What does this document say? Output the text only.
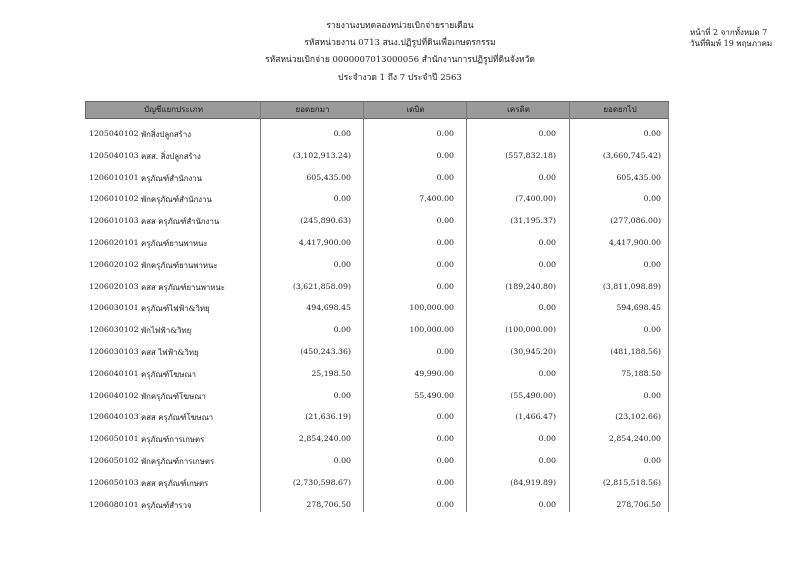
รายงานงบทดลองหน่วยเบิกจ่ายรายเดือน
รหัสหน่วยงาน 0713 สนง.ปฏิรูปที่ดินเพื่อเกษตรกรรม
รหัสหน่วยเบิกจ่าย 0000007013000056 สำนักงานการปฏิรูปที่ดินจังหวัด
ประจำงวด 1 ถึง 7 ประจำปี 2563
หน้าที่ 2 จากทั้งหมด 7
วันที่พิมพ์ 19 พฤษภาคม
บัญชีแยกประเภท	ยอดยกมา	เดบิต	เครดิต	ยอดยกไป
1205040102 พักสิ่งปลูกสร้าง	0.00	0.00	0.00	0.00
1205040103 คสส. สิ่งปลูกสร้าง	(3,102,913.24)	0.00	(557,832.18)	(3,660,745.42)
1206010101 ครุภัณฑ์สำนักงาน	605,435.00	0.00	0.00	605,435.00
1206010102 พักครุภัณฑ์สำนักงาน	0.00	7,400.00	(7,400.00)	0.00
1206010103 คสส ครุภัณฑ์สำนักงาน	(245,890.63)	0.00	(31,195.37)	(277,086.00)
1206020101 ครุภัณฑ์ยานพาหนะ	4,417,900.00	0.00	0.00	4,417,900.00
1206020102 พักครุภัณฑ์ยานพาหนะ	0.00	0.00	0.00	0.00
1206020103 คสส ครุภัณฑ์ยานพาหนะ	(3,621,858.09)	0.00	(189,240.80)	(3,811,098.89)
1206030101 ครุภัณฑ์ไฟฟ้า&วิทยุ	494,698.45	100,000.00	0.00	594,698.45
1206030102 พักไฟฟ้า&วิทยุ	0.00	100,000.00	(100,000.00)	0.00
1206030103 คสส ไฟฟ้า&วิทยุ	(450,243.36)	0.00	(30,945.20)	(481,188.56)
1206040101 ครุภัณฑ์โฆษณา	25,198.50	49,990.00	0.00	75,188.50
1206040102 พักครุภัณฑ์โฆษณา	0.00	55,490.00	(55,490.00)	0.00
1206040103 คสส ครุภัณฑ์โฆษณา	(21,636.19)	0.00	(1,466.47)	(23,102.66)
1206050101 ครุภัณฑ์การเกษตร	2,854,240.00	0.00	0.00	2,854,240.00
1206050102 พักครุภัณฑ์การเกษตร	0.00	0.00	0.00	0.00
1206050103 คสส ครุภัณฑ์เกษตร	(2,730,598.67)	0.00	(84,919.89)	(2,815,518.56)
1206080101 ครุภัณฑ์สำรวจ	278,706.50	0.00	0.00	278,706.50
